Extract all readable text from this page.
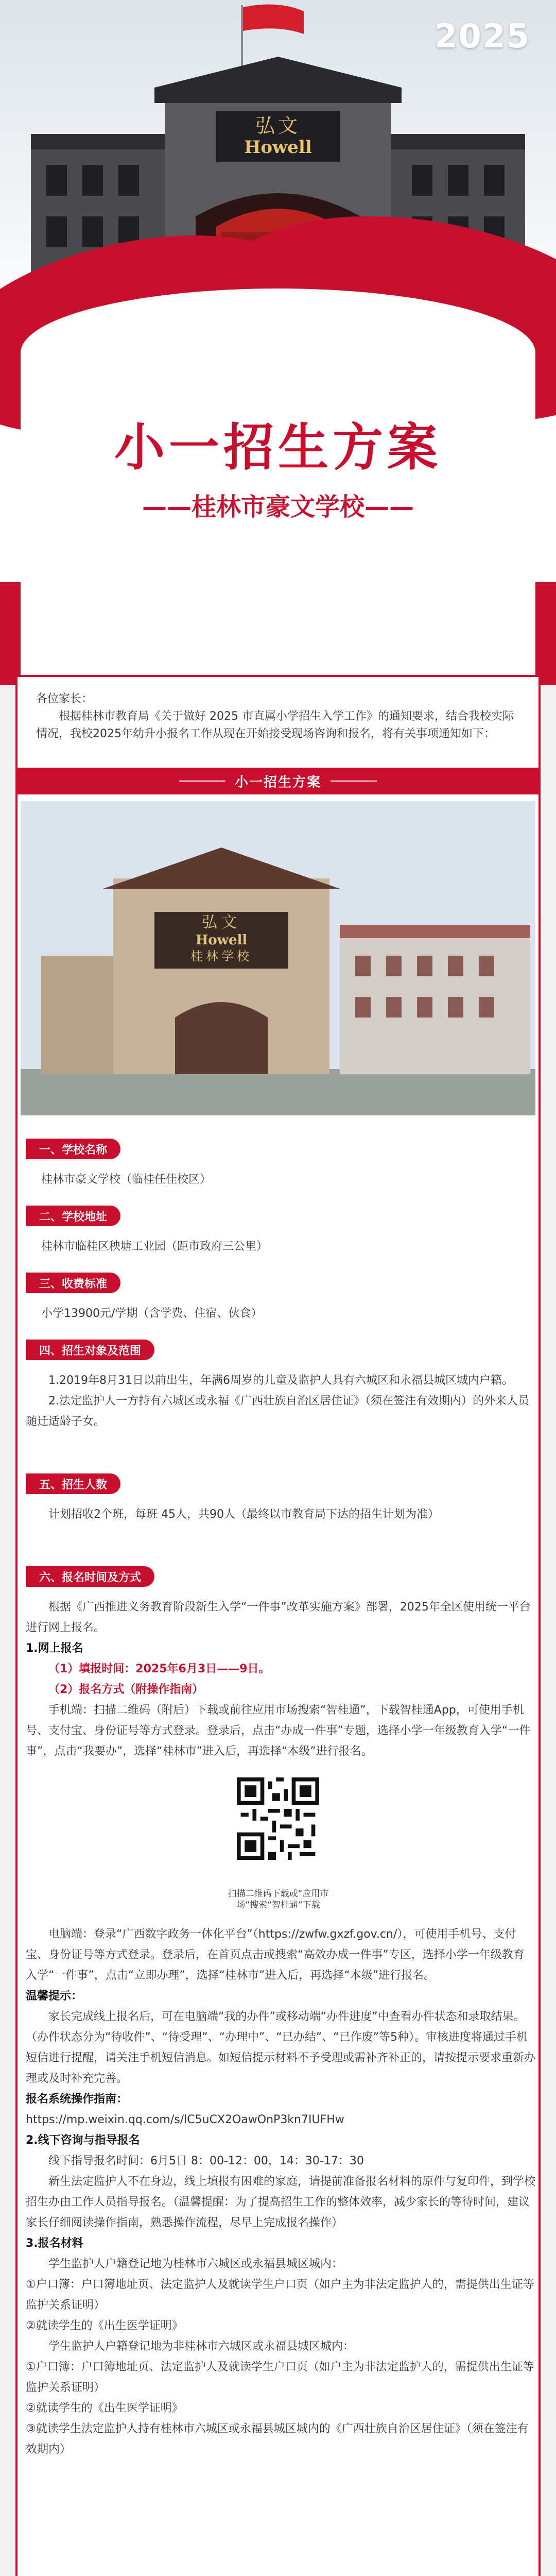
弘文
Howell
2025
小一招生方案
——桂林市豪文学校——

各位家长：

根据桂林市教育局《关于做好 2025 市直属小学招生入学工作》的通知要求，结合我校实际情况，我校2025年幼升小报名工作从现在开始接受现场咨询和报名，将有关事项通知如下：

小一招生方案
弘文
Howell
桂林学校
一、学校名称

桂林市豪文学校（临桂任佳校区）

二、学校地址

桂林市临桂区秧塘工业园（距市政府三公里）

三、收费标准

小学13900元/学期（含学费、住宿、伙食）

四、招生对象及范围

1.2019年8月31日以前出生，年满6周岁的儿童及监护人具有六城区和永福县城区城内户籍。

2.法定监护人一方持有六城区或永福《广西壮族自治区居住证》（须在签注有效期内）的外来人员随迁适龄子女。

五、招生人数

计划招收2个班，每班 45人，共90人（最终以市教育局下达的招生计划为准）

六、报名时间及方式

根据《广西推进义务教育阶段新生入学“一件事”改革实施方案》部署，2025年全区使用统一平台进行网上报名。

1.网上报名

（1）填报时间：2025年6月3日——9日。

（2）报名方式（附操作指南）

手机端：扫描二维码（附后）下载或前往应用市场搜索“智桂通”，下载智桂通App，可使用手机号、支付宝、身份证号等方式登录。登录后，点击“办成一件事”专题，选择小学一年级教育入学“一件事”，点击“我要办”，选择“桂林市”进入后，再选择“本级”进行报名。

扫描二维码下载或“应用市场”搜索“智桂通”下载

电脑端：登录“广西数字政务一体化平台”（https://zwfw.gxzf.gov.cn/），可使用手机号、支付宝、身份证号等方式登录。登录后，在首页点击或搜索“高效办成一件事”专区，选择小学一年级教育入学“一件事”，点击“立即办理”，选择“桂林市”进入后，再选择“本级”进行报名。

温馨提示：

家长完成线上报名后，可在电脑端“我的办件”或移动端“办件进度”中查看办件状态和录取结果。（办件状态分为“待收件”、“待受理”、“办理中”、“已办结”、“已作废”等5种）。审核进度将通过手机短信进行提醒，请关注手机短信消息。如短信提示材料不予受理或需补齐补正的，请按提示要求重新办理或及时补充完善。

报名系统操作指南：

https://mp.weixin.qq.com/s/lC5uCX2OawOnP3kn7IUFHw

2.线下咨询与指导报名

线下指导报名时间：6月5日 8：00-12：00，14：30-17：30

新生法定监护人不在身边，线上填报有困难的家庭，请提前准备报名材料的原件与复印件，到学校招生办由工作人员指导报名。（温馨提醒：为了提高招生工作的整体效率，减少家长的等待时间，建议家长仔细阅读操作指南，熟悉操作流程，尽早上完成报名操作）

3.报名材料

学生监护人户籍登记地为桂林市六城区或永福县城区城内：

①户口簿：户口簿地址页、法定监护人及就读学生户口页（如户主为非法定监护人的，需提供出生证等监护关系证明）

②就读学生的《出生医学证明》

学生监护人户籍登记地为非桂林市六城区或永福县城区城内：

①户口簿：户口簿地址页、法定监护人及就读学生户口页（如户主为非法定监护人的，需提供出生证等监护关系证明）

②就读学生的《出生医学证明》

③就读学生法定监护人持有桂林市六城区或永福县城区城内的《广西壮族自治区居住证》（须在签注有效期内）
